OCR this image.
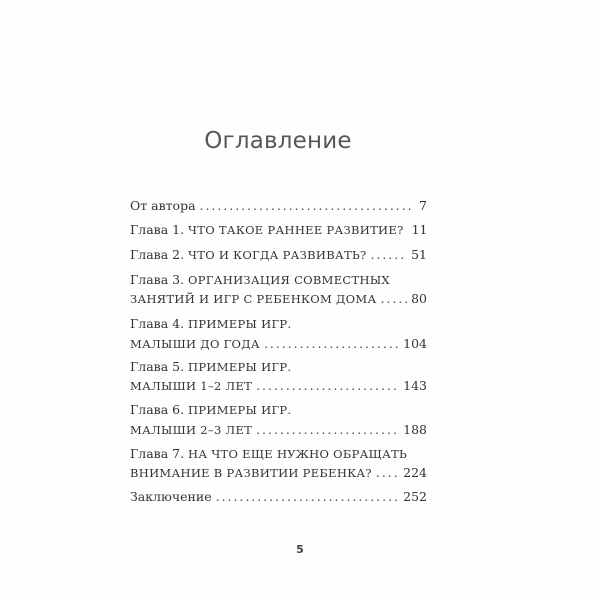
Оглавление
От автора . . .	7
Глава 1. ЧТО ТАКОЕ РАННЕЕ РАЗВИТИЕ? 11
Глава 2. ЧТО И КОГДА РАЗВИВАТЬ? . . .	51
Глава 3. ОРГАНИЗАЦИЯ СОВМЕСТНЫХ
ЗАНЯТИЙ И ИГР С РЕБЕНКОМ ДОМА . . .	80
Глава 4. ПРИМЕРЫ ИГР.
МАЛЫШИ ДО ГОДА . . .	104
Глава 5. ПРИМЕРЫ ИГР.
МАЛЫШИ 1–2 ЛЕТ . . .	143
Глава 6. ПРИМЕРЫ ИГР.
МАЛЫШИ 2–3 ЛЕТ . . .	188
Глава 7. НА ЧТО ЕЩЕ НУЖНО ОБРАЩАТЬ
ВНИМАНИЕ В РАЗВИТИИ РЕБЕНКА? . . .	224
Заключение . . .	252
5
